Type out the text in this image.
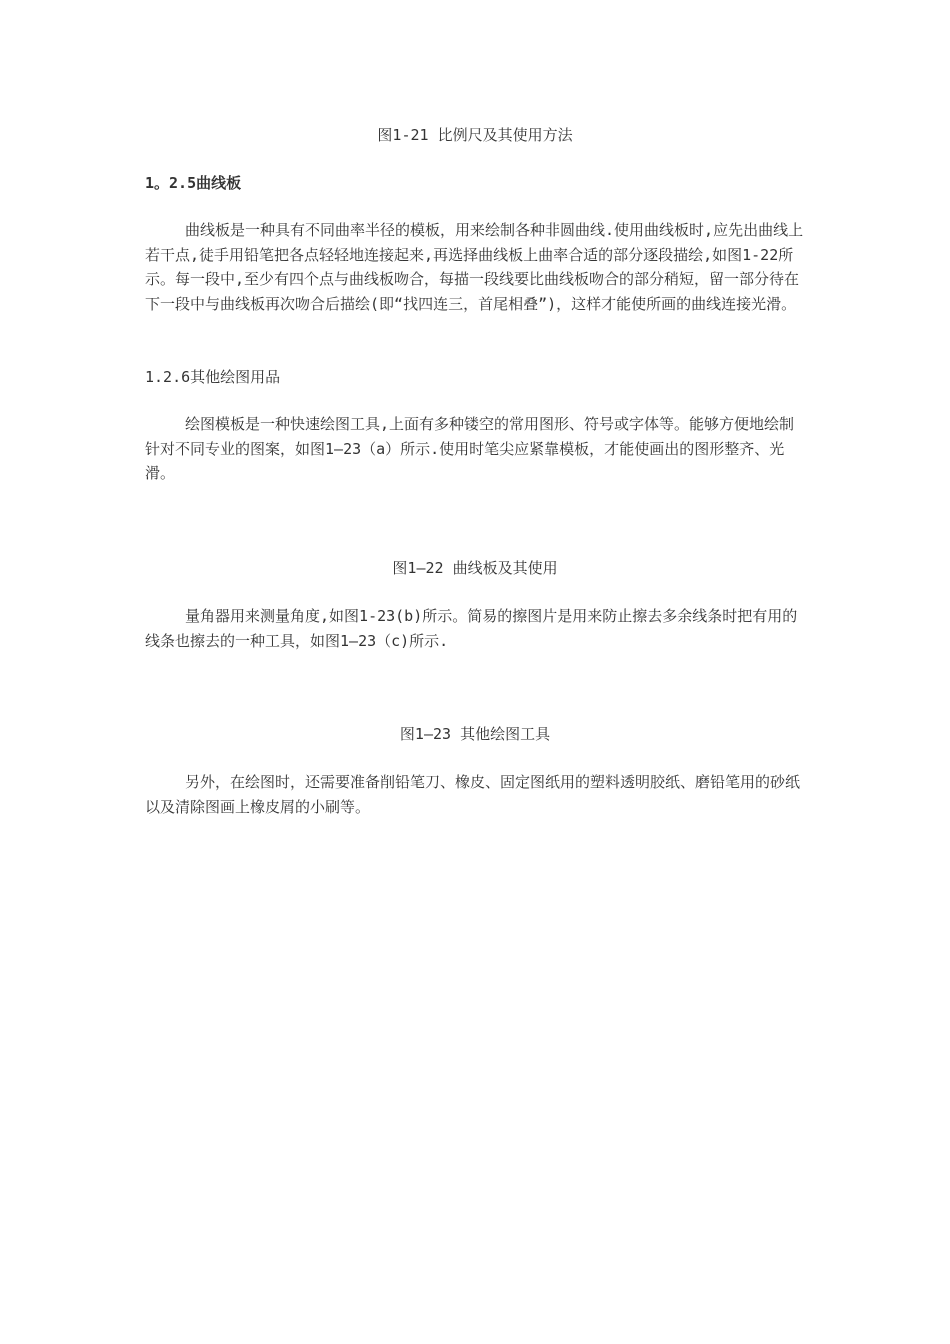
图1-21 比例尺及其使用方法
1。2.5曲线板
曲线板是一种具有不同曲率半径的模板，用来绘制各种非圆曲线.使用曲线板时,应先出曲线上若干点,徒手用铅笔把各点轻轻地连接起来,再选择曲线板上曲率合适的部分逐段描绘,如图1-22所示。每一段中,至少有四个点与曲线板吻合，每描一段线要比曲线板吻合的部分稍短，留一部分待在下一段中与曲线板再次吻合后描绘(即“找四连三，首尾相叠”)，这样才能使所画的曲线连接光滑。
1.2.6其他绘图用品
绘图模板是一种快速绘图工具,上面有多种镂空的常用图形、符号或字体等。能够方便地绘制针对不同专业的图案，如图1—23（a）所示.使用时笔尖应紧靠模板，才能使画出的图形整齐、光滑。
图1—22 曲线板及其使用
量角器用来测量角度,如图1-23(b)所示。简易的擦图片是用来防止擦去多余线条时把有用的线条也擦去的一种工具，如图1—23（c)所示.
图1—23 其他绘图工具
另外，在绘图时，还需要准备削铅笔刀、橡皮、固定图纸用的塑料透明胶纸、磨铅笔用的砂纸以及清除图画上橡皮屑的小刷等。
